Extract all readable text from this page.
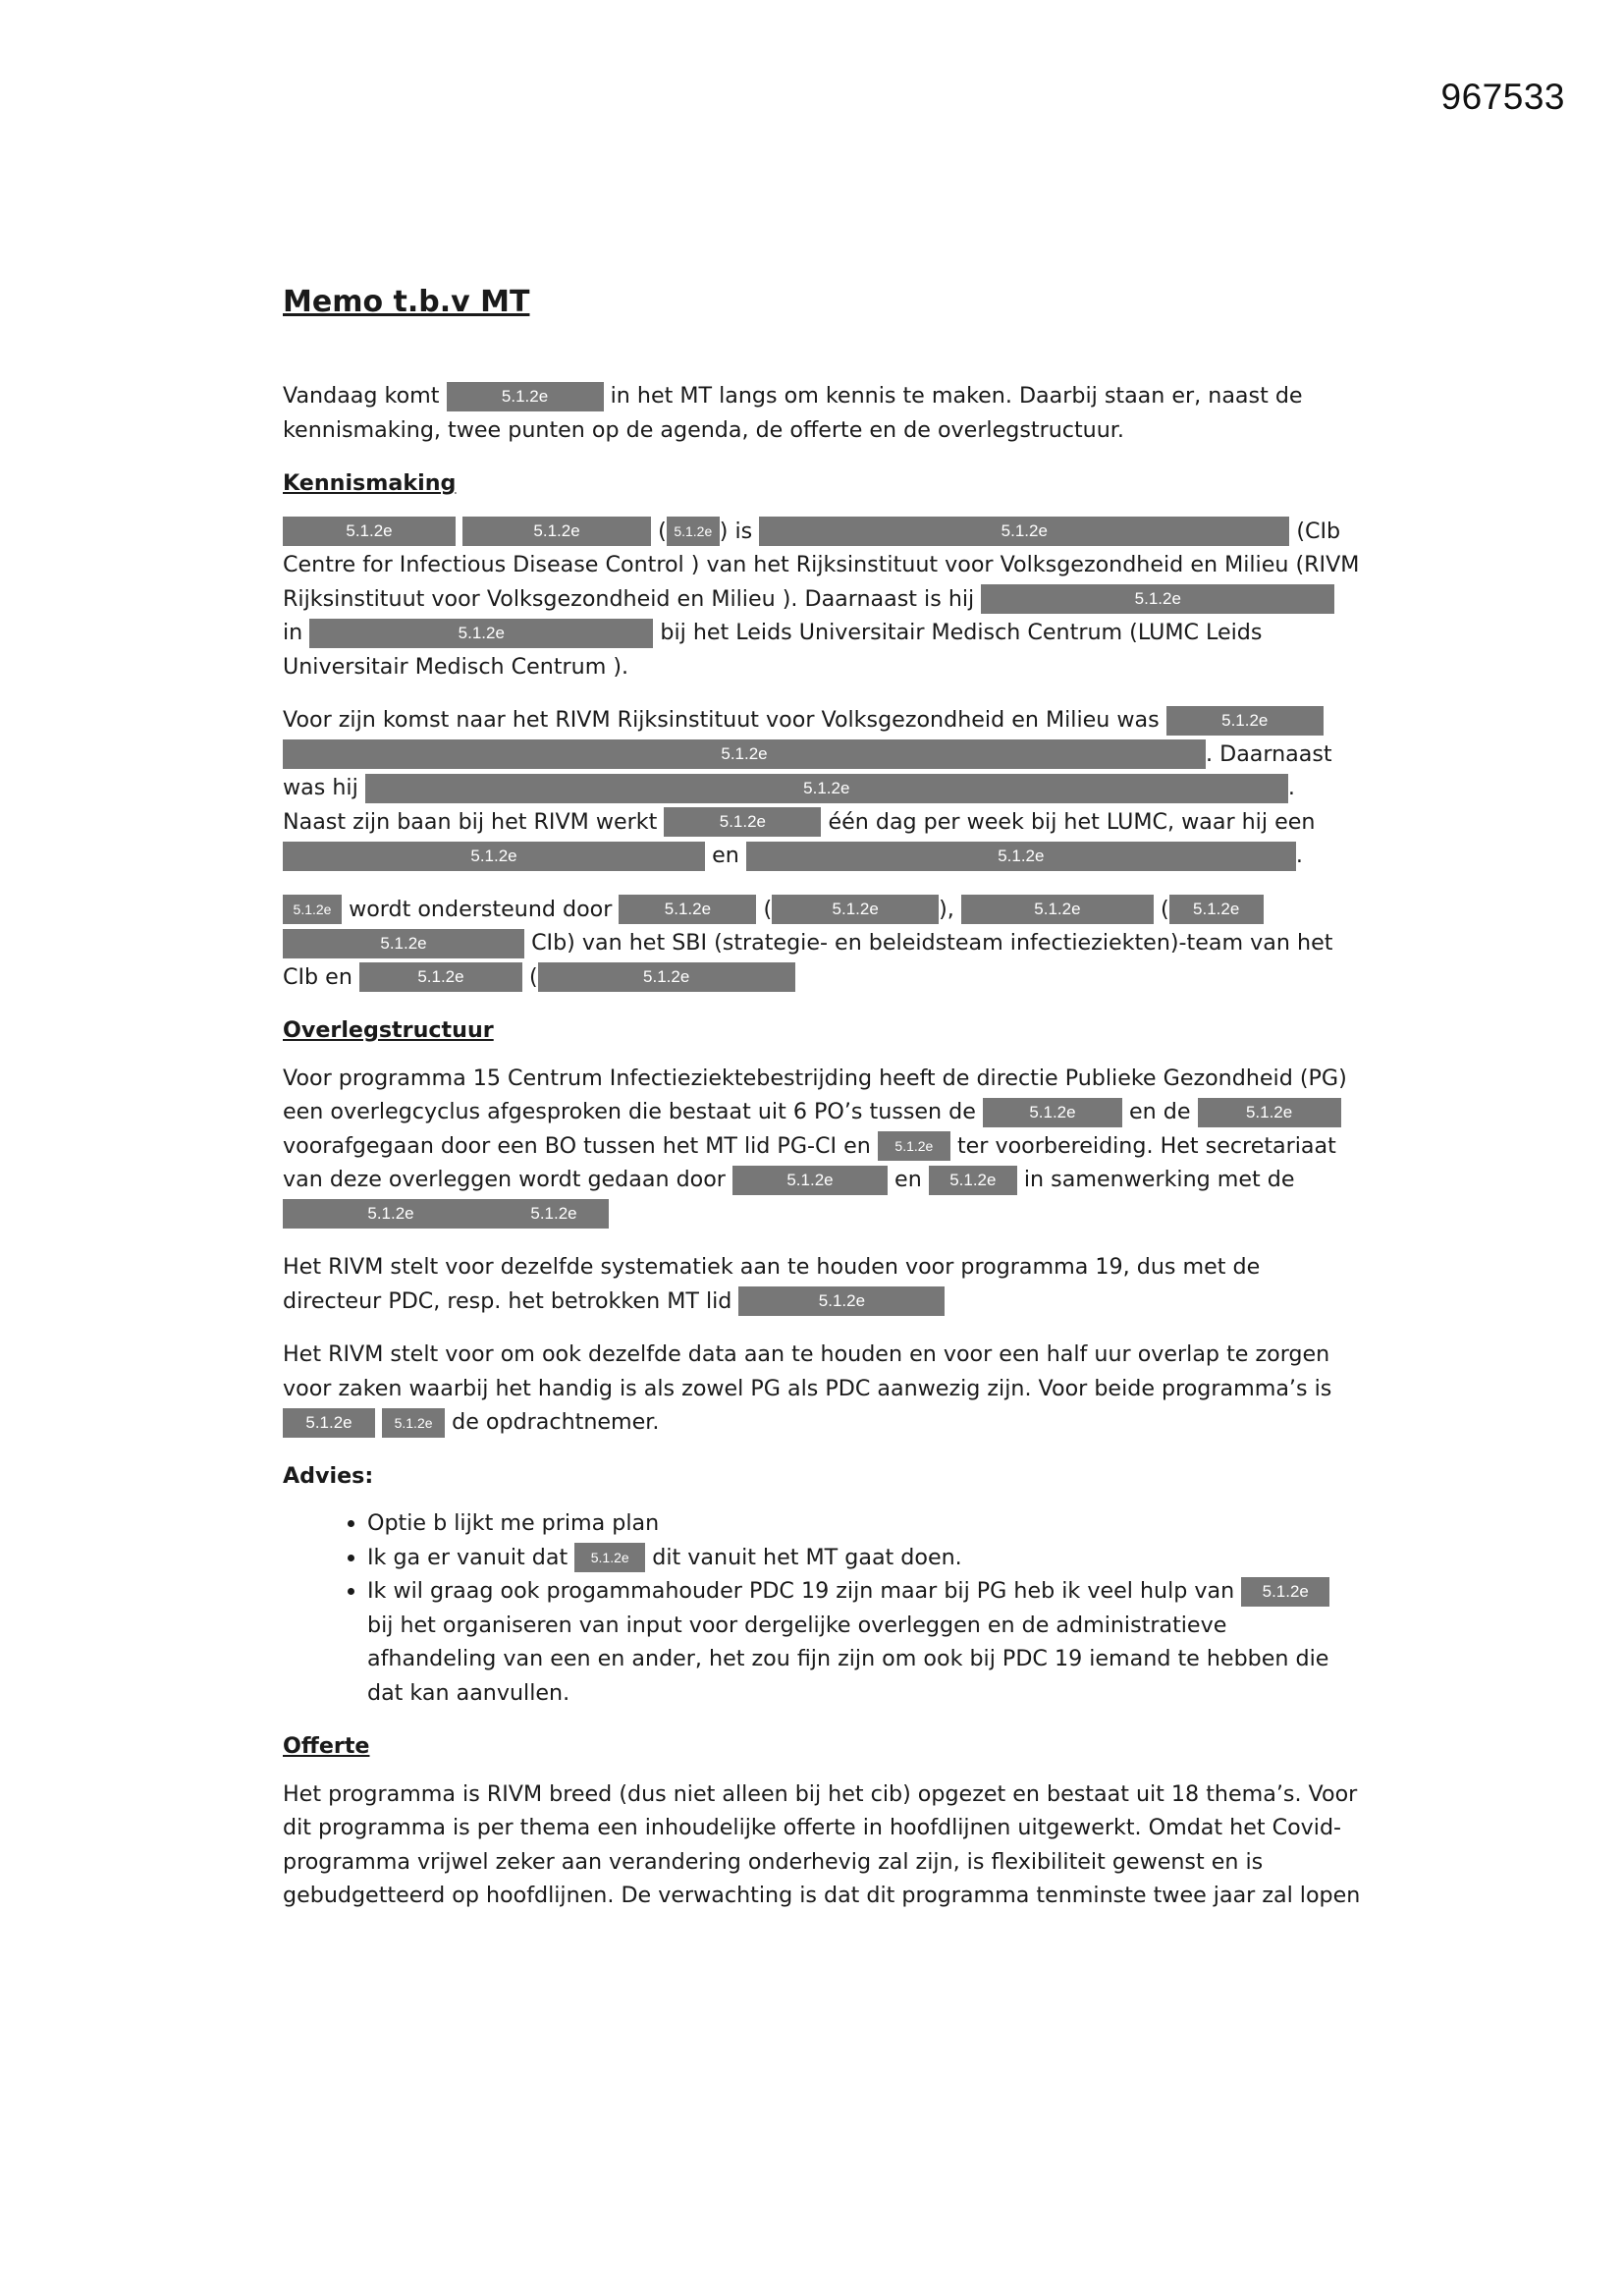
967533
Memo t.b.v MT

Vandaag komt	5.1.2e	in het MT langs om kennis te maken. Daarbij staan er, naast de kennismaking, twee punten op de agenda, de offerte en de overlegstructuur.

Kennismaking

5.1.2e	5.1.2e	( 5.1.2e ) is	5.1.2e	(CIb Centre for Infectious Disease Control ) van het Rijksinstituut voor Volksgezondheid en Milieu (RIVM Rijksinstituut voor Volksgezondheid en Milieu ). Daarnaast is hij	5.1.2e in	5.1.2e	bij het Leids Universitair Medisch Centrum (LUMC Leids Universitair Medisch Centrum ).

Voor zijn komst naar het RIVM Rijksinstituut voor Volksgezondheid en Milieu was	5.1.2e 5.1.2e	. Daarnaast was hij	5.1.2e	. Naast zijn baan bij het RIVM werkt	5.1.2e	één dag per week bij het LUMC, waar hij een 5.1.2e	en	5.1.2e	.

5.1.2e wordt ondersteund door	5.1.2e (	5.1.2e	),	5.1.2e	( 5.1.2e 5.1.2e	CIb) van het SBI (strategie- en beleidsteam infectieziekten)-team van het CIb en	5.1.2e	(	5.1.2e

Overlegstructuur

Voor programma 15 Centrum Infectieziektebestrijding heeft de directie Publieke Gezondheid (PG) een overlegcyclus afgesproken die bestaat uit 6 PO’s tussen de	5.1.2e en de	5.1.2e voorafgegaan door een BO tussen het MT lid PG-CI en 5.1.2e ter voorbereiding. Het secretariaat van deze overleggen wordt gedaan door	5.1.2e	en 5.1.2e in samenwerking met de 5.1.2e	5.1.2e

Het RIVM stelt voor dezelfde systematiek aan te houden voor programma 19, dus met de directeur PDC, resp. het betrokken MT lid	5.1.2e

Het RIVM stelt voor om ook dezelfde data aan te houden en voor een half uur overlap te zorgen voor zaken waarbij het handig is als zowel PG als PDC aanwezig zijn. Voor beide programma’s is 5.1.2e	5.1.2e de opdrachtnemer.

Advies:
• Optie b lijkt me prima plan
• Ik ga er vanuit dat 5.1.2e dit vanuit het MT gaat doen.
• Ik wil graag ook progammahouder PDC 19 zijn maar bij PG heb ik veel hulp van 5.1.2e bij het organiseren van input voor dergelijke overleggen en de administratieve afhandeling van een en ander, het zou fijn zijn om ook bij PDC 19 iemand te hebben die dat kan aanvullen.
Offerte

Het programma is RIVM breed (dus niet alleen bij het cib) opgezet en bestaat uit 18 thema’s. Voor dit programma is per thema een inhoudelijke offerte in hoofdlijnen uitgewerkt. Omdat het Covid-programma vrijwel zeker aan verandering onderhevig zal zijn, is flexibiliteit gewenst en is gebudgetteerd op hoofdlijnen. De verwachting is dat dit programma tenminste twee jaar zal lopen
